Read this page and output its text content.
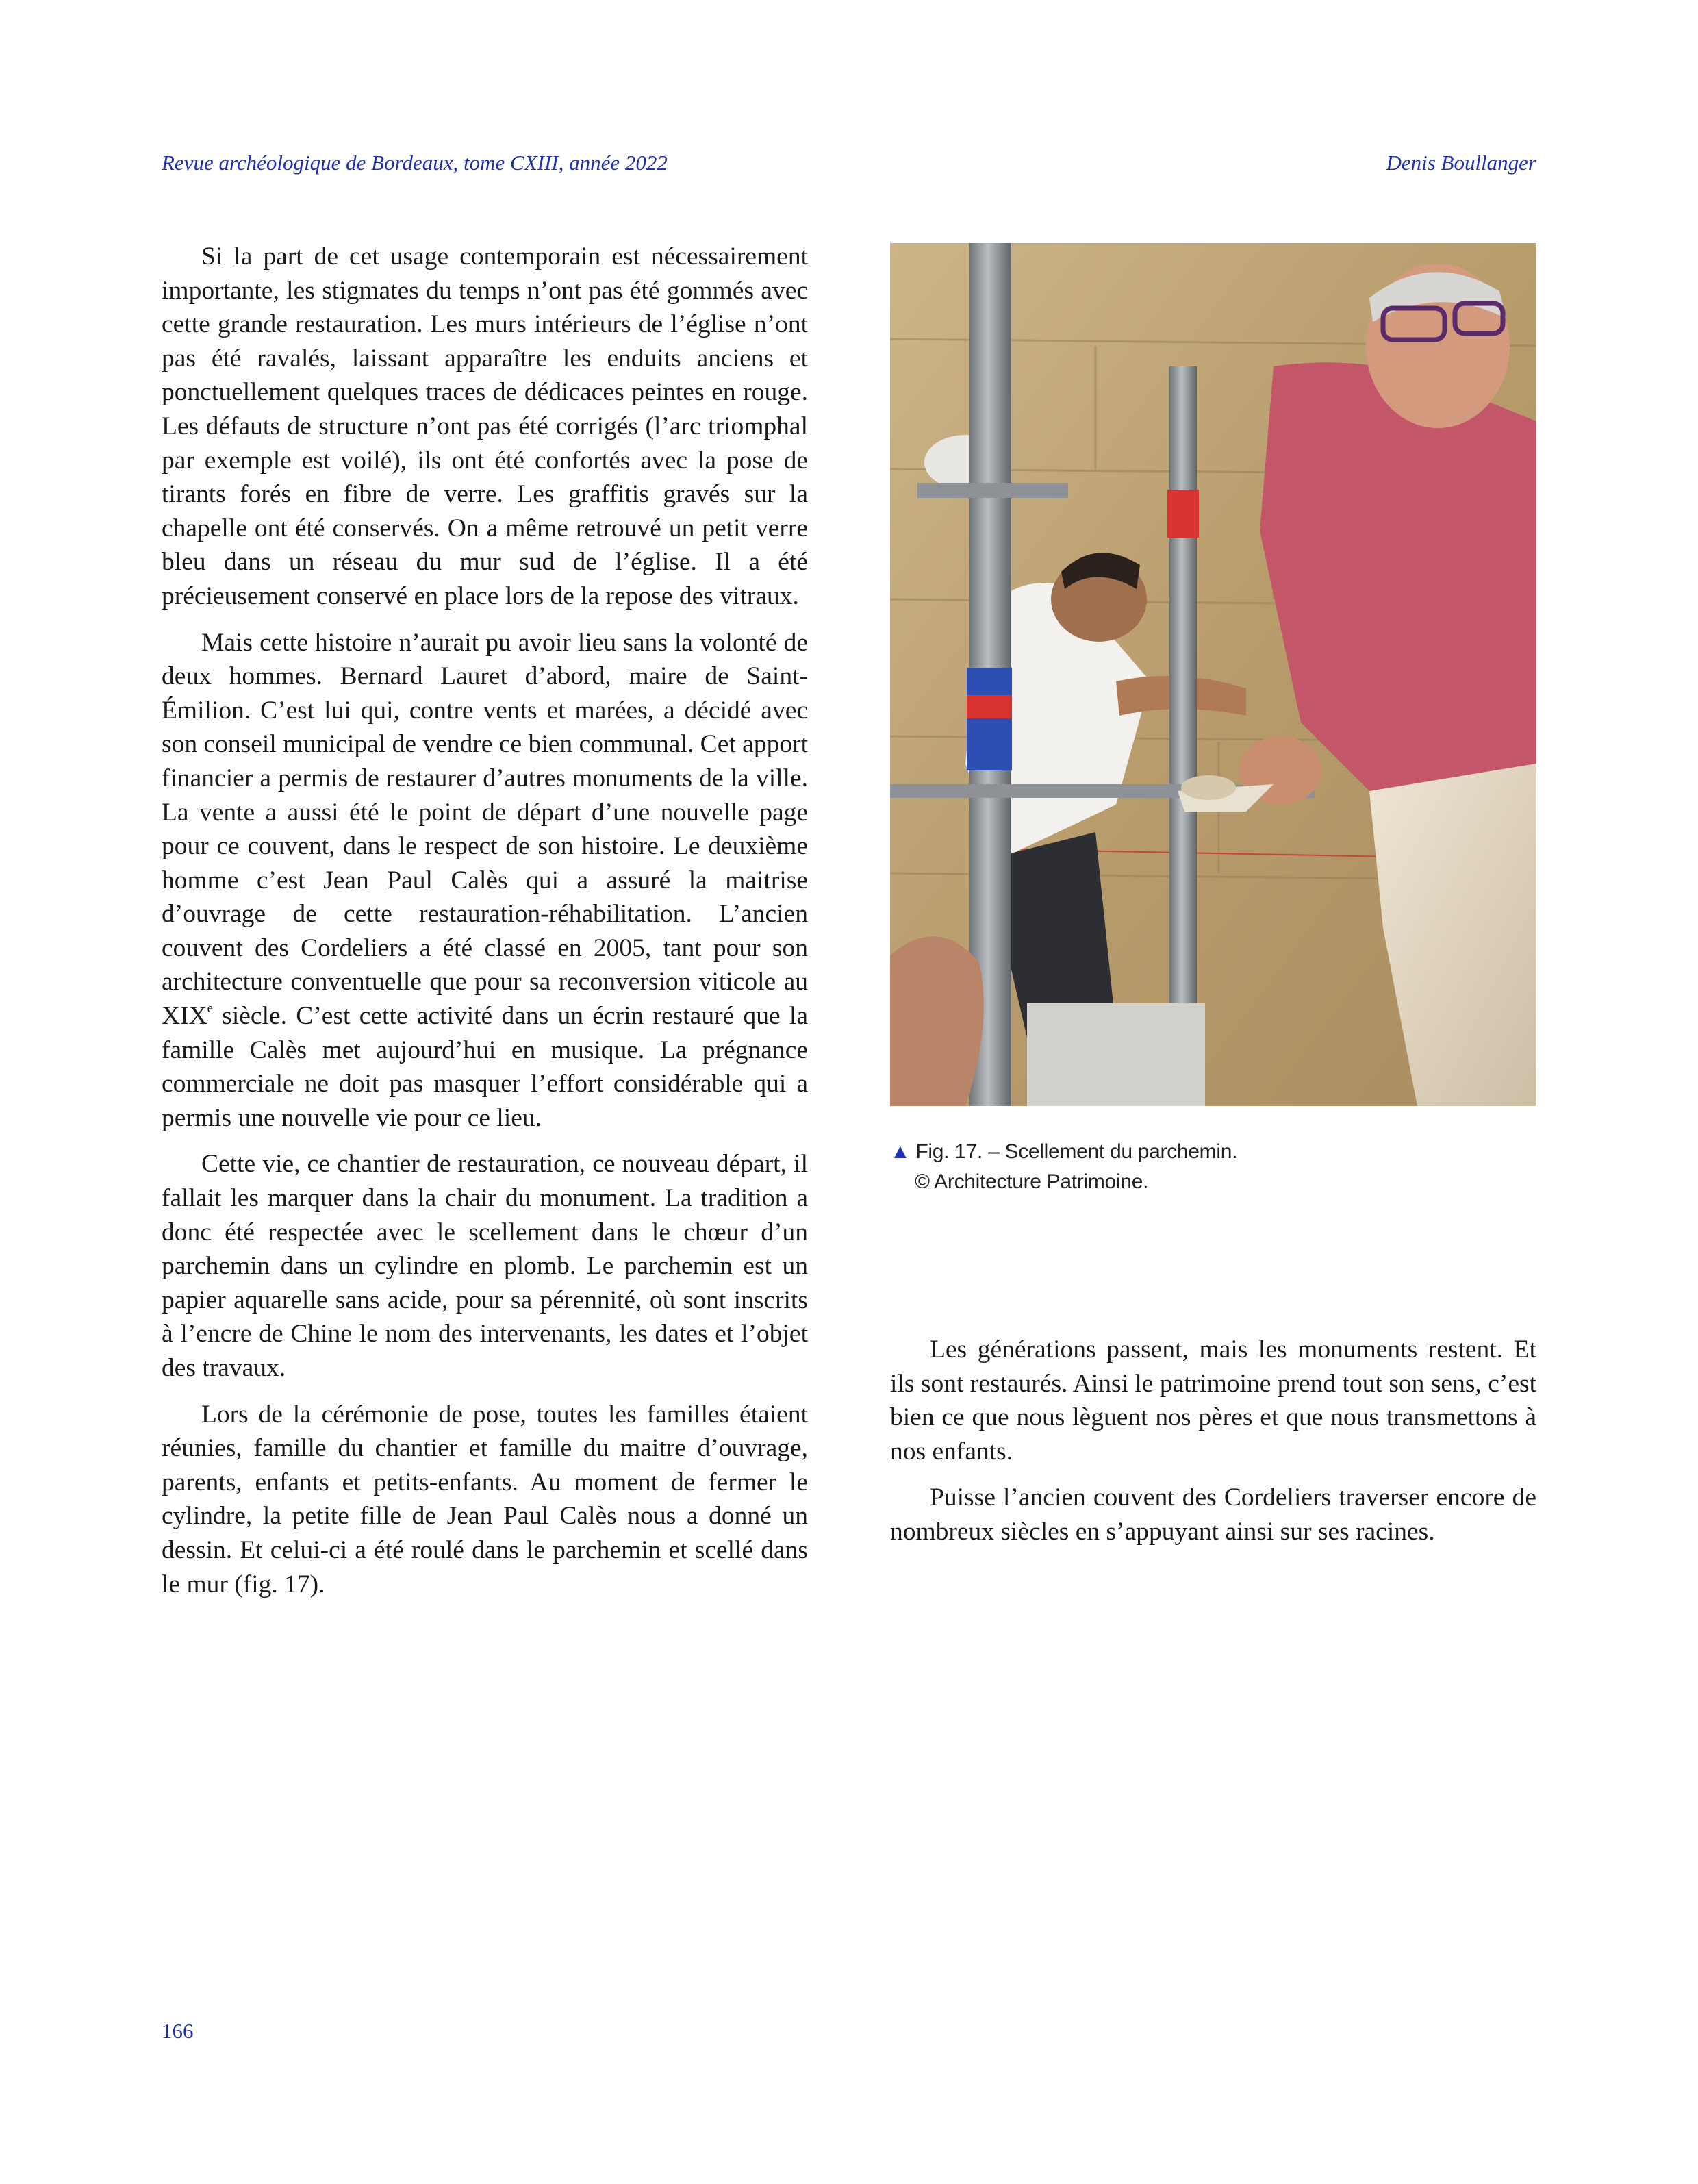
Revue archéologique de Bordeaux, tome CXIII, année 2022	Denis Boullanger

Si la part de cet usage contemporain est nécessairement importante, les stigmates du temps n’ont pas été gommés avec cette grande restauration. Les murs intérieurs de l’église n’ont pas été ravalés, laissant apparaître les enduits anciens et ponctuellement quelques traces de dédicaces peintes en rouge. Les défauts de structure n’ont pas été corrigés (l’arc triomphal par exemple est voilé), ils ont été confortés avec la pose de tirants forés en fibre de verre. Les graffitis gravés sur la chapelle ont été conservés. On a même retrouvé un petit verre bleu dans un réseau du mur sud de l’église. Il a été précieusement conservé en place lors de la repose des vitraux.

Mais cette histoire n’aurait pu avoir lieu sans la volonté de deux hommes. Bernard Lauret d’abord, maire de Saint-Émilion. C’est lui qui, contre vents et marées, a décidé avec son conseil municipal de vendre ce bien communal. Cet apport financier a permis de restaurer d’autres monuments de la ville. La vente a aussi été le point de départ d’une nouvelle page pour ce couvent, dans le respect de son histoire. Le deuxième homme c’est Jean Paul Calès qui a assuré la maitrise d’ouvrage de cette restauration-réhabilitation. L’ancien couvent des Cordeliers a été classé en 2005, tant pour son architecture conventuelle que pour sa reconversion viticole au XIXe siècle. C’est cette activité dans un écrin restauré que la famille Calès met aujourd’hui en musique. La prégnance commerciale ne doit pas masquer l’effort considérable qui a permis une nouvelle vie pour ce lieu.

Cette vie, ce chantier de restauration, ce nouveau départ, il fallait les marquer dans la chair du monument. La tradition a donc été respectée avec le scellement dans le chœur d’un parchemin dans un cylindre en plomb. Le parchemin est un papier aquarelle sans acide, pour sa pérennité, où sont inscrits à l’encre de Chine le nom des intervenants, les dates et l’objet des travaux.

Lors de la cérémonie de pose, toutes les familles étaient réunies, famille du chantier et famille du maitre d’ouvrage, parents, enfants et petits-enfants. Au moment de fermer le cylindre, la petite fille de Jean Paul Calès nous a donné un dessin. Et celui-ci a été roulé dans le parchemin et scellé dans le mur (fig. 17).

▲ Fig. 17. – Scellement du parchemin.
© Architecture Patrimoine.

Les générations passent, mais les monuments restent. Et ils sont restaurés. Ainsi le patrimoine prend tout son sens, c’est bien ce que nous lèguent nos pères et que nous transmettons à nos enfants.

Puisse l’ancien couvent des Cordeliers traverser encore de nombreux siècles en s’appuyant ainsi sur ses racines.

166
